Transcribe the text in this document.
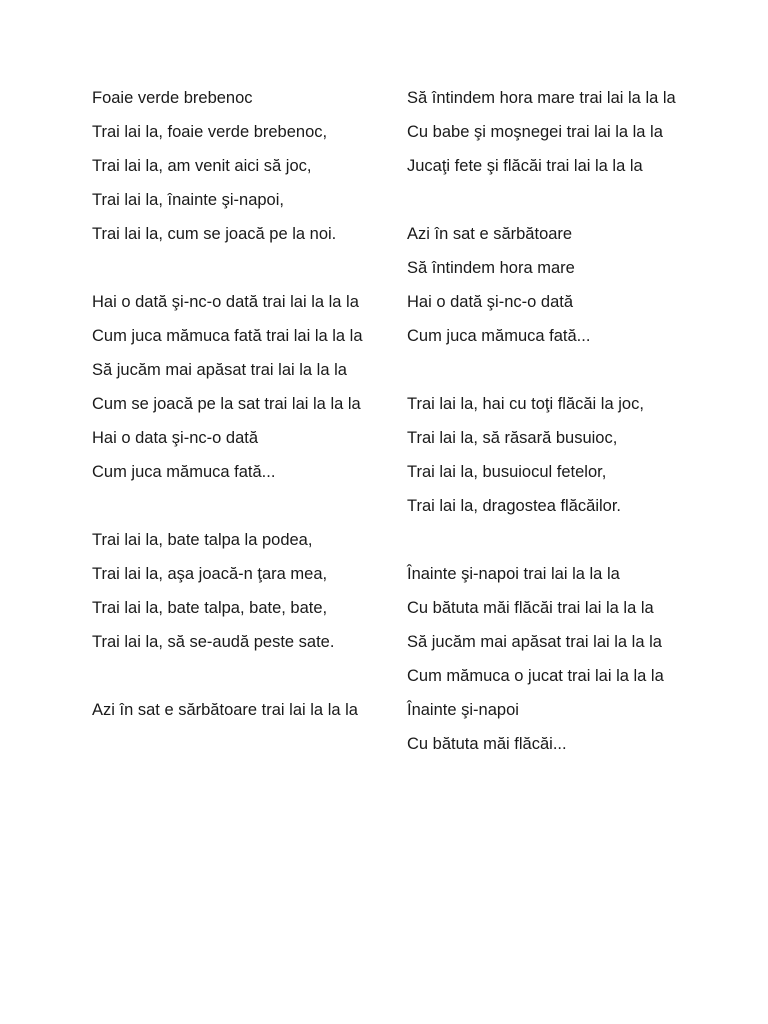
Foaie verde brebenoc

Trai lai la, foaie verde brebenoc,

Trai lai la, am venit aici să joc,

Trai lai la, înainte şi-napoi,

Trai lai la, cum se joacă pe la noi.

Hai o dată şi-nc-o dată trai lai la la la

Cum juca mămuca fată trai lai la la la

Să jucăm mai apăsat trai lai la la la

Cum se joacă pe la sat trai lai la la la

Hai o data şi-nc-o dată

Cum juca mămuca fată...

Trai lai la, bate talpa la podea,

Trai lai la, aşa joacă-n ţara mea,

Trai lai la, bate talpa, bate, bate,

Trai lai la, să se-audă peste sate.

Azi în sat e sărbătoare trai lai la la la

Să întindem hora mare trai lai la la la

Cu babe şi moşnegei trai lai la la la

Jucaţi fete şi flăcăi trai lai la la la

Azi în sat e sărbătoare

Să întindem hora mare

Hai o dată şi-nc-o dată

Cum juca mămuca fată...

Trai lai la, hai cu toţi flăcăi la joc,

Trai lai la, să răsară busuioc,

Trai lai la, busuiocul fetelor,

Trai lai la, dragostea flăcăilor.

Înainte şi-napoi trai lai la la la

Cu bătuta măi flăcăi trai lai la la la

Să jucăm mai apăsat trai lai la la la

Cum mămuca o jucat trai lai la la la

Înainte şi-napoi

Cu bătuta măi flăcăi...
